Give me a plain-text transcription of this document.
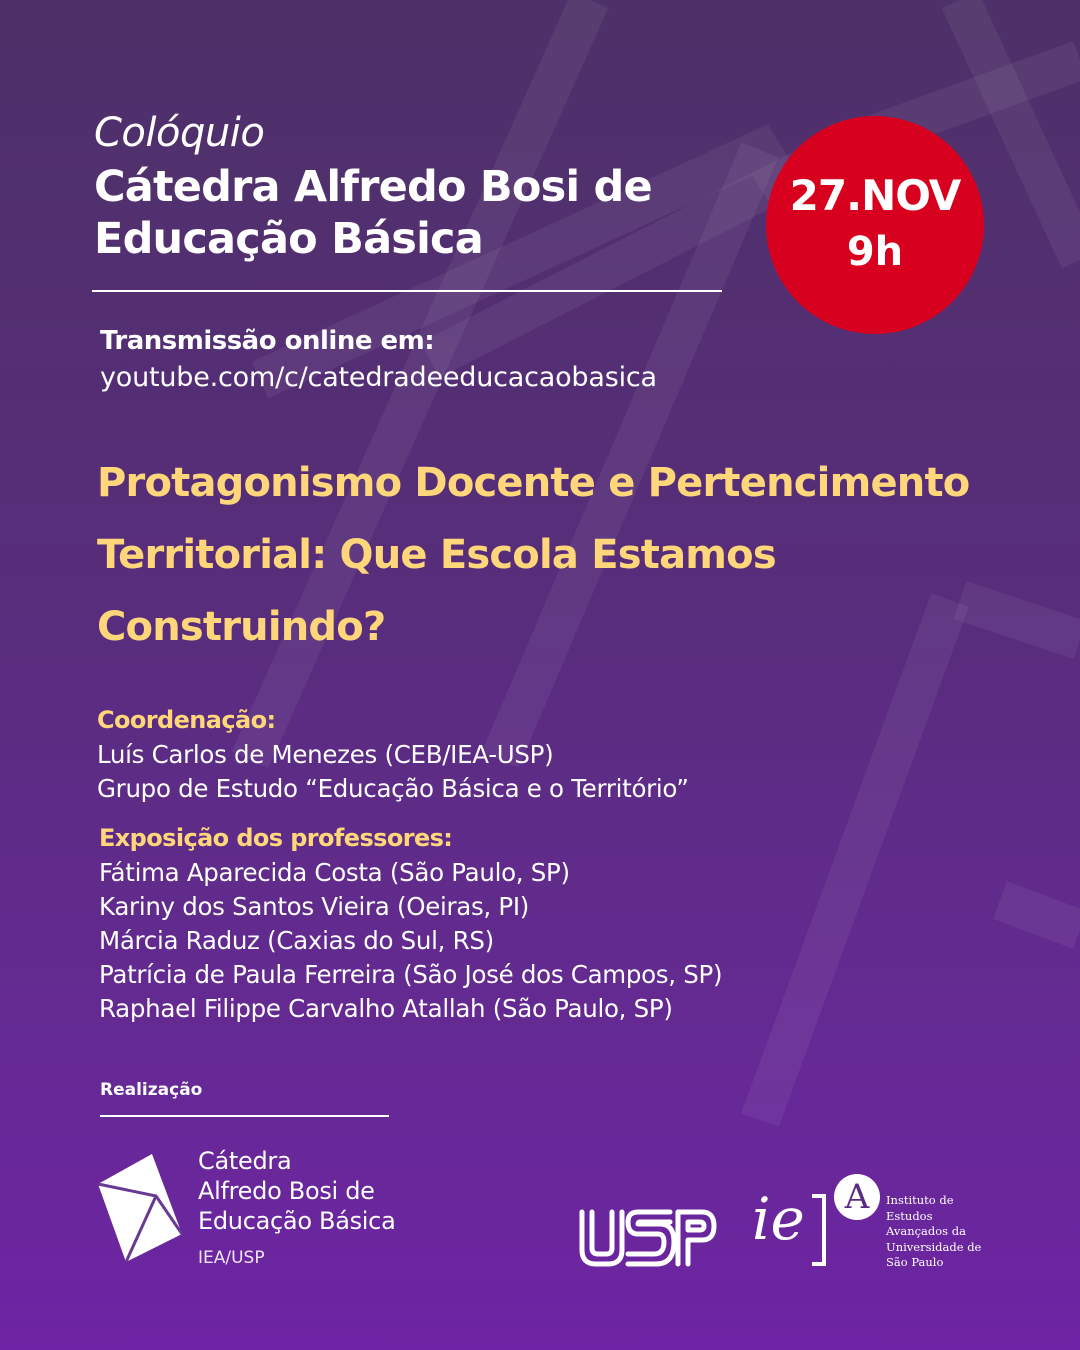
Colóquio
Cátedra Alfredo Bosi de
Educação Básica
27.NOV
9h
Transmissão online em:
youtube.com/c/catedradeeducacaobasica
Protagonismo Docente e Pertencimento
Territorial: Que Escola Estamos
Construindo?
Coordenação:
Luís Carlos de Menezes (CEB/IEA-USP)
Grupo de Estudo “Educação Básica e o Território”
Exposição dos professores:
Fátima Aparecida Costa (São Paulo, SP)
Kariny dos Santos Vieira (Oeiras, PI)
Márcia Raduz (Caxias do Sul, RS)
Patrícia de Paula Ferreira (São José dos Campos, SP)
Raphael Filippe Carvalho Atallah (São Paulo, SP)
Realização
Cátedra
Alfredo Bosi de
Educação Básica
IEA/USP
ie	A	Instituto de
Estudos
Avançados da
Universidade de
São Paulo
